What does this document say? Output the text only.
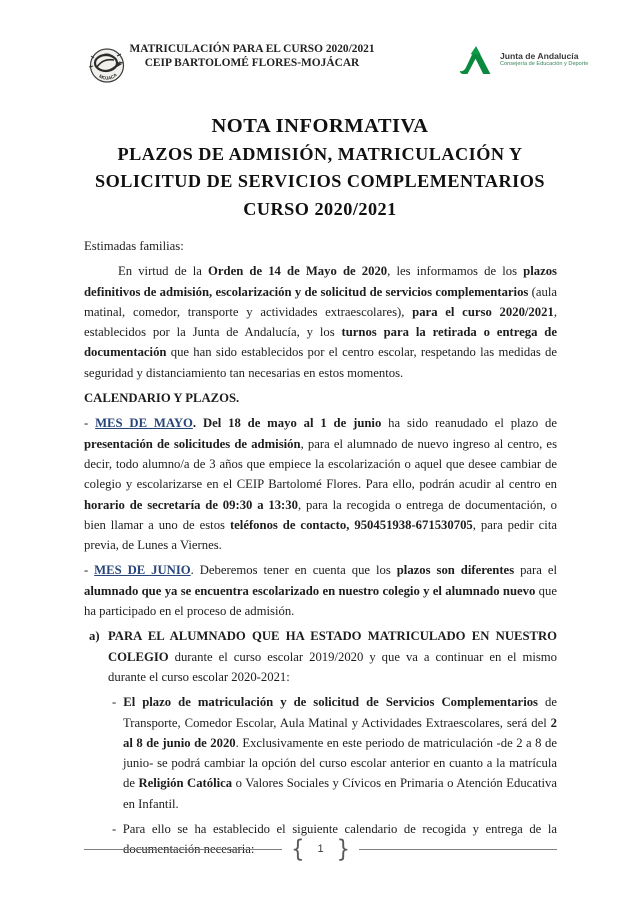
MOJACA
MATRICULACIÓN PARA EL CURSO 2020/2021
CEIP BARTOLOMÉ FLORES-MOJÁCAR
Junta de Andalucía
Consejería de Educación y Deporte
NOTA INFORMATIVA
PLAZOS DE ADMISIÓN, MATRICULACIÓN Y
SOLICITUD DE SERVICIOS COMPLEMENTARIOS
CURSO 2020/2021

Estimadas familias:

En virtud de la Orden de 14 de Mayo de 2020, les informamos de los plazos definitivos de admisión, escolarización y de solicitud de servicios complementarios (aula matinal, comedor, transporte y actividades extraescolares), para el curso 2020/2021, establecidos por la Junta de Andalucía, y los turnos para la retirada o entrega de documentación que han sido establecidos por el centro escolar, respetando las medidas de seguridad y distanciamiento tan necesarias en estos momentos.

CALENDARIO Y PLAZOS.

- MES DE MAYO. Del 18 de mayo al 1 de junio ha sido reanudado el plazo de presentación de solicitudes de admisión, para el alumnado de nuevo ingreso al centro, es decir, todo alumno/a de 3 años que empiece la escolarización o aquel que desee cambiar de colegio y escolarizarse en el CEIP Bartolomé Flores. Para ello, podrán acudir al centro en horario de secretaría de 09:30 a 13:30, para la recogida o entrega de documentación, o bien llamar a uno de estos teléfonos de contacto, 950451938-671530705, para pedir cita previa, de Lunes a Viernes.

- MES DE JUNIO. Deberemos tener en cuenta que los plazos son diferentes para el alumnado que ya se encuentra escolarizado en nuestro colegio y el alumnado nuevo que ha participado en el proceso de admisión.

a) PARA EL ALUMNADO QUE HA ESTADO MATRICULADO EN NUESTRO COLEGIO durante el curso escolar 2019/2020 y que va a continuar en el mismo durante el curso escolar 2020-2021:

- El plazo de matriculación y de solicitud de Servicios Complementarios de Transporte, Comedor Escolar, Aula Matinal y Actividades Extraescolares, será del 2 al 8 de junio de 2020. Exclusivamente en este periodo de matriculación -de 2 a 8 de junio- se podrá cambiar la opción del curso escolar anterior en cuanto a la matrícula de Religión Católica o Valores Sociales y Cívicos en Primaria o Atención Educativa en Infantil.

- Para ello se ha establecido el siguiente calendario de recogida y entrega de la

{	1 }
